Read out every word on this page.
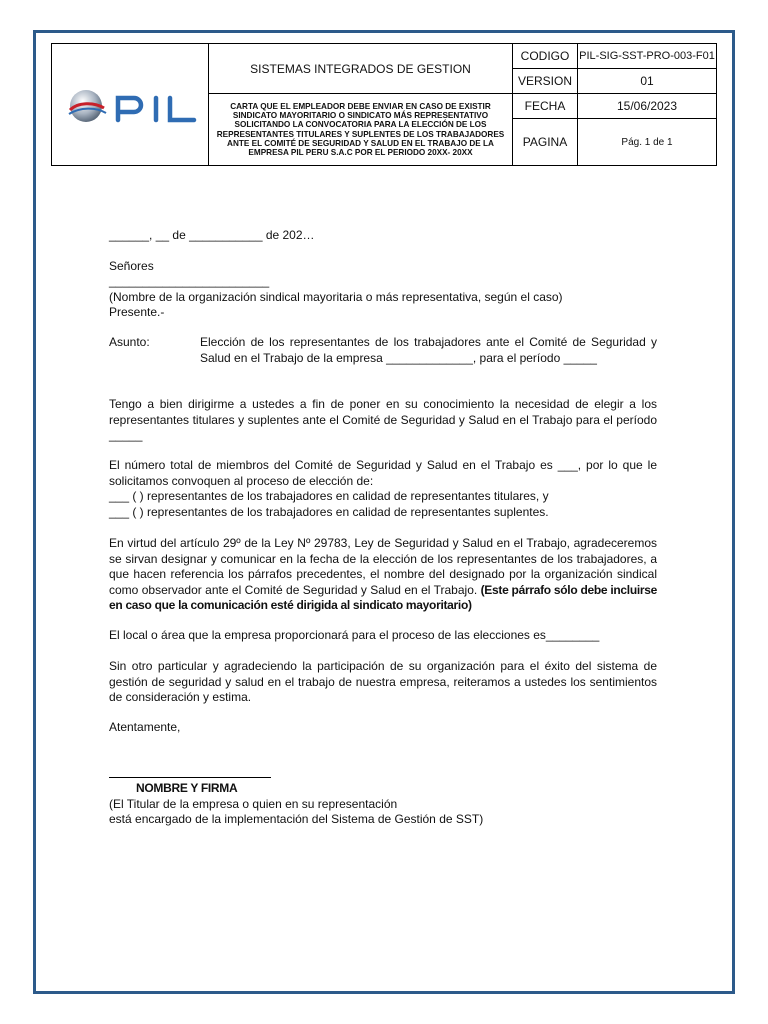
SISTEMAS INTEGRADOS DE GESTION
CARTA QUE EL EMPLEADOR DEBE ENVIAR EN CASO DE EXISTIR SINDICATO MAYORITARIO O SINDICATO MÁS REPRESENTATIVO SOLICITANDO LA CONVOCATORIA PARA LA ELECCIÓN DE LOS REPRESENTANTES TITULARES Y SUPLENTES DE LOS TRABAJADORES ANTE EL COMITÉ DE SEGURIDAD Y SALUD EN EL TRABAJO DE LA EMPRESA PIL PERU S.A.C POR EL PERIODO 20XX- 20XX
CODIGO PIL-SIG-SST-PRO-003-F01
VERSION	01
FECHA	15/06/2023
PAGINA	Pág. 1 de 1

______, __ de ___________ de 202…

Señores

________________________

(Nombre de la organización sindical mayoritaria o más representativa, según el caso)

Presente.-

Asunto:	Elección de los representantes de los trabajadores ante el Comité de Seguridad y Salud en el Trabajo de la empresa _____________, para el período _____

Tengo a bien dirigirme a ustedes a fin de poner en su conocimiento la necesidad de elegir a los representantes titulares y suplentes ante el Comité de Seguridad y Salud en el Trabajo para el período _____

El número total de miembros del Comité de Seguridad y Salud en el Trabajo es ___, por lo que le

solicitamos convoquen al proceso de elección de:

___ ( ) representantes de los trabajadores en calidad de representantes titulares, y

___ ( ) representantes de los trabajadores en calidad de representantes suplentes.

En virtud del artículo 29º de la Ley Nº 29783, Ley de Seguridad y Salud en el Trabajo, agradeceremos se sirvan designar y comunicar en la fecha de la elección de los representantes de los trabajadores, a que hacen referencia los párrafos precedentes, el nombre del designado por la organización sindical como observador ante el Comité de Seguridad y Salud en el Trabajo. (Este párrafo sólo debe incluirse en caso que la comunicación esté dirigida al sindicato mayoritario)

El local o área que la empresa proporcionará para el proceso de las elecciones es________

Sin otro particular y agradeciendo la participación de su organización para el éxito del sistema de gestión de seguridad y salud en el trabajo de nuestra empresa, reiteramos a ustedes los sentimientos de consideración y estima.

Atentamente,

NOMBRE Y FIRMA

(El Titular de la empresa o quien en su representación

está encargado de la implementación del Sistema de Gestión de SST)
